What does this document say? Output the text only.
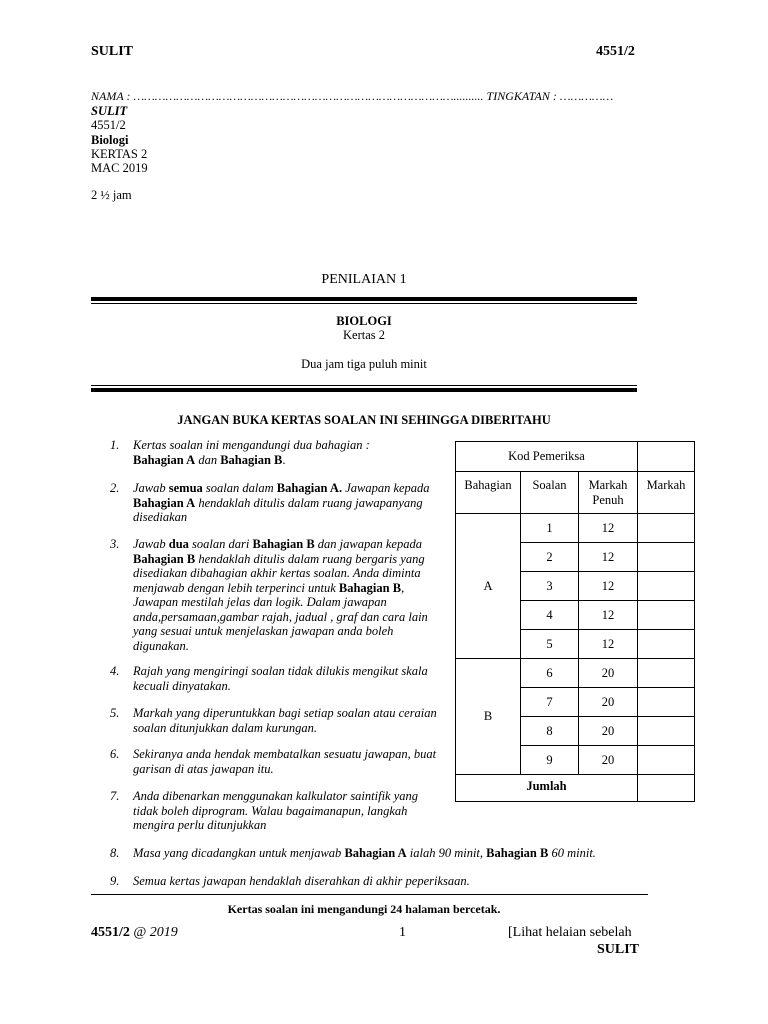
SULIT	4551/2
NAMA : ……………………………………………………………………………….......... TINGKATAN : ……………
SULIT
4551/2
Biologi
KERTAS 2
MAC 2019
2 ½ jam
PENILAIAN 1
BIOLOGI
Kertas 2
Dua jam tiga puluh minit
JANGAN BUKA KERTAS SOALAN INI SEHINGGA DIBERITAHU
1. Kertas soalan ini mengandungi dua bahagian :
Bahagian A dan Bahagian B.
2. Jawab semua soalan dalam Bahagian A. Jawapan kepada Bahagian A hendaklah ditulis dalam ruang jawapanyang disediakan
3. Jawab dua soalan dari Bahagian B dan jawapan kepada Bahagian B hendaklah ditulis dalam ruang bergaris yang disediakan dibahagian akhir kertas soalan. Anda diminta menjawab dengan lebih terperinci untuk Bahagian B, Jawapan mestilah jelas dan logik. Dalam jawapan anda,persamaan,gambar rajah, jadual , graf dan cara lain yang sesuai untuk menjelaskan jawapan anda boleh digunakan.
4. Rajah yang mengiringi soalan tidak dilukis mengikut skala kecuali dinyatakan.
5. Markah yang diperuntukkan bagi setiap soalan atau ceraian soalan ditunjukkan dalam kurungan.
6. Sekiranya anda hendak membatalkan sesuatu jawapan, buat garisan di atas jawapan itu.
7. Anda dibenarkan menggunakan kalkulator saintifik yang tidak boleh diprogram. Walau bagaimanapun, langkah mengira perlu ditunjukkan
8. Masa yang dicadangkan untuk menjawab Bahagian A ialah 90 minit, Bahagian B 60 minit.
9. Semua kertas jawapan hendaklah diserahkan di akhir peperiksaan.
Kod Pemeriksa			
Bahagian	Soalan	Markah Penuh	Markah
A	1	12	
	2	12	
	3	12	
	4	12	
	5	12	
B	6	20	
	7	20	
	8	20	
	9	20	
Jumlah			
Kertas soalan ini mengandungi 24 halaman bercetak.
4551/2 @ 2019	1	[Lihat helaian sebelah
SULIT
